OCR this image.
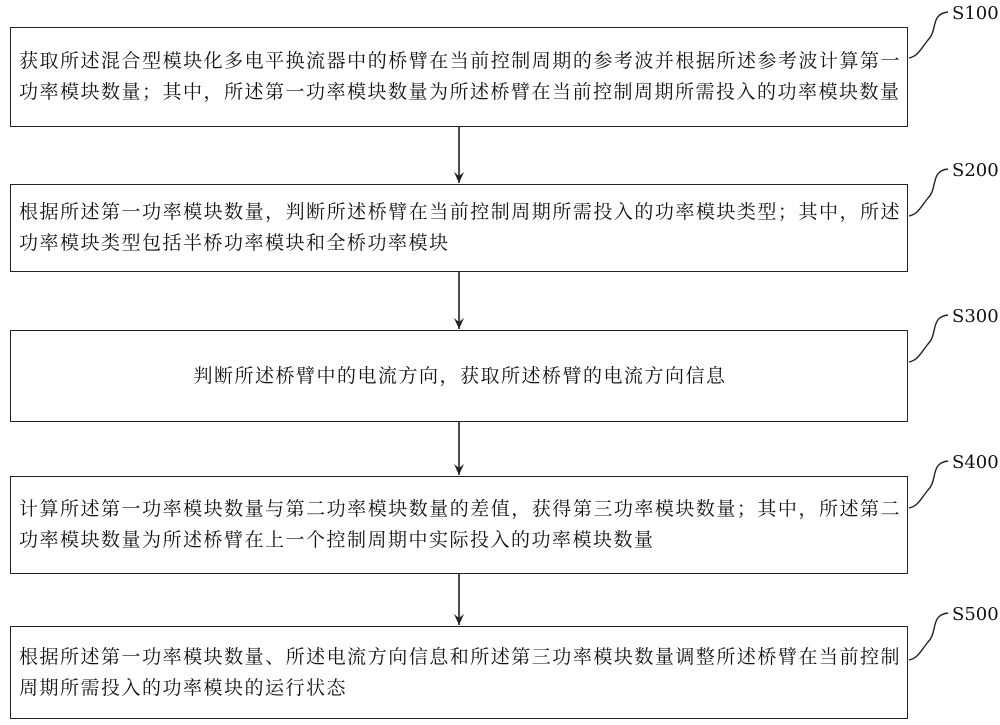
获取所述混合型模块化多电平换流器中的桥臂在当前控制周期的参考波并根据所述参考波计算第一功率模块数量；其中，所述第一功率模块数量为所述桥臂在当前控制周期所需投入的功率模块数量
S100
根据所述第一功率模块数量，判断所述桥臂在当前控制周期所需投入的功率模块类型；其中，所述功率模块类型包括半桥功率模块和全桥功率模块
S200
判断所述桥臂中的电流方向，获取所述桥臂的电流方向信息
S300
计算所述第一功率模块数量与第二功率模块数量的差值，获得第三功率模块数量；其中，所述第二功率模块数量为所述桥臂在上一个控制周期中实际投入的功率模块数量
S400
根据所述第一功率模块数量、所述电流方向信息和所述第三功率模块数量调整所述桥臂在当前控制周期所需投入的功率模块的运行状态
S500
